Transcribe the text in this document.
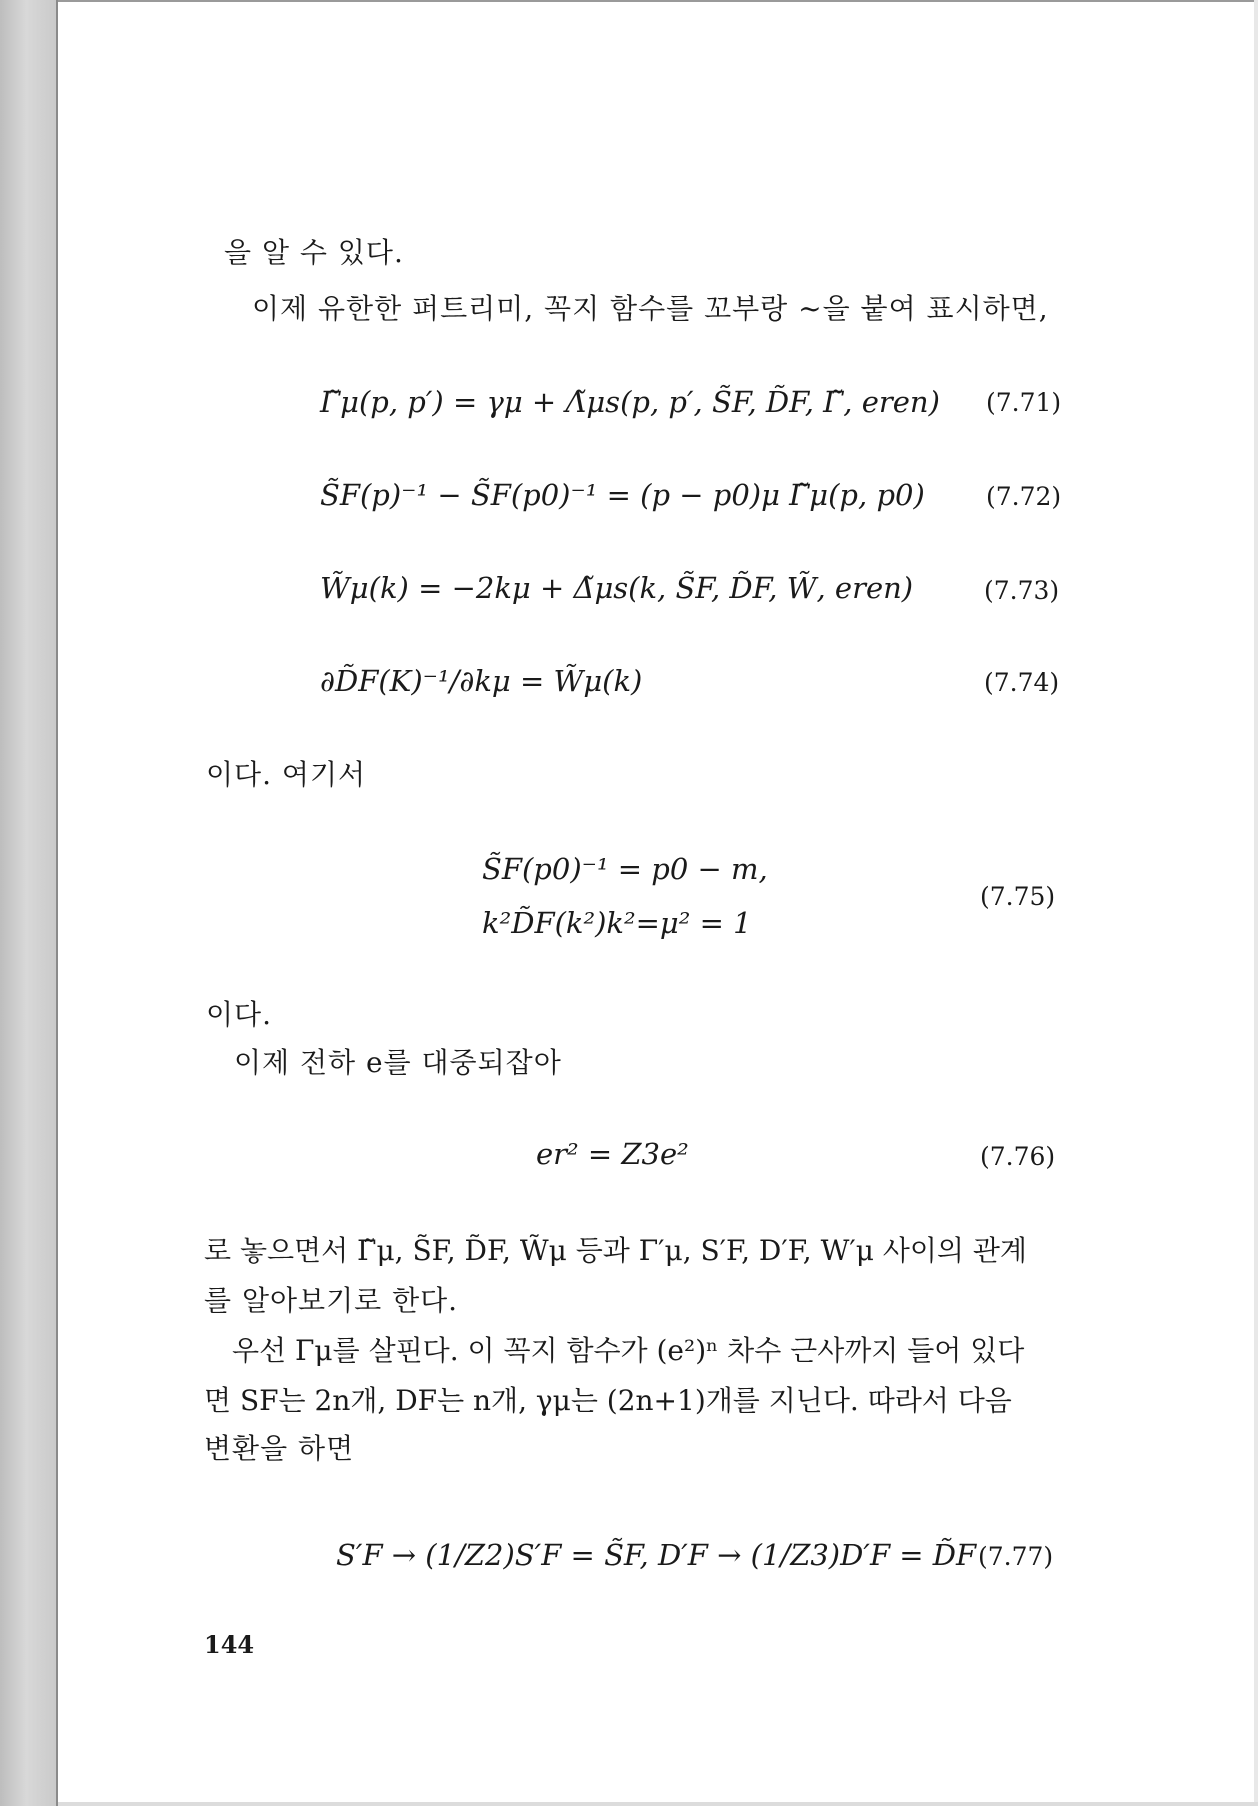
을 알 수 있다.
이제 유한한 퍼트리미, 꼭지 함수를 꼬부랑 ~을 붙여 표시하면,
Γ̃μ(p, p′) = γμ + Λ̃μs(p, p′, S̃F, D̃F, Γ̃, eren) (7.71)
S̃F(p)⁻¹ − S̃F(p0)⁻¹ = (p − p0)μ Γ̃μ(p, p0) (7.72)
W̃μ(k) = −2kμ + Δ̃μs(k, S̃F, D̃F, W̃, eren)	(7.73)
∂D̃F(K)⁻¹/∂kμ = W̃μ(k)	(7.74)
이다. 여기서
S̃F(p0)⁻¹ = p0 − m,
k²D̃F(k²)k²=μ² = 1
(7.75)
이다.
이제 전하 e를 대중되잡아
er² = Z3e²	(7.76)
로 놓으면서 Γ̃μ, S̃F, D̃F, W̃μ 등과 Γ′μ, S′F, D′F, W′μ 사이의 관계
를 알아보기로 한다.
우선 Γμ를 살핀다. 이 꼭지 함수가 (e²)ⁿ 차수 근사까지 들어 있다
면 SF는 2n개, DF는 n개, γμ는 (2n+1)개를 지닌다. 따라서 다음
변환을 하면
S′F → (1/Z2)S′F = S̃F, D′F → (1/Z3)D′F = D̃F (7.77)
144
